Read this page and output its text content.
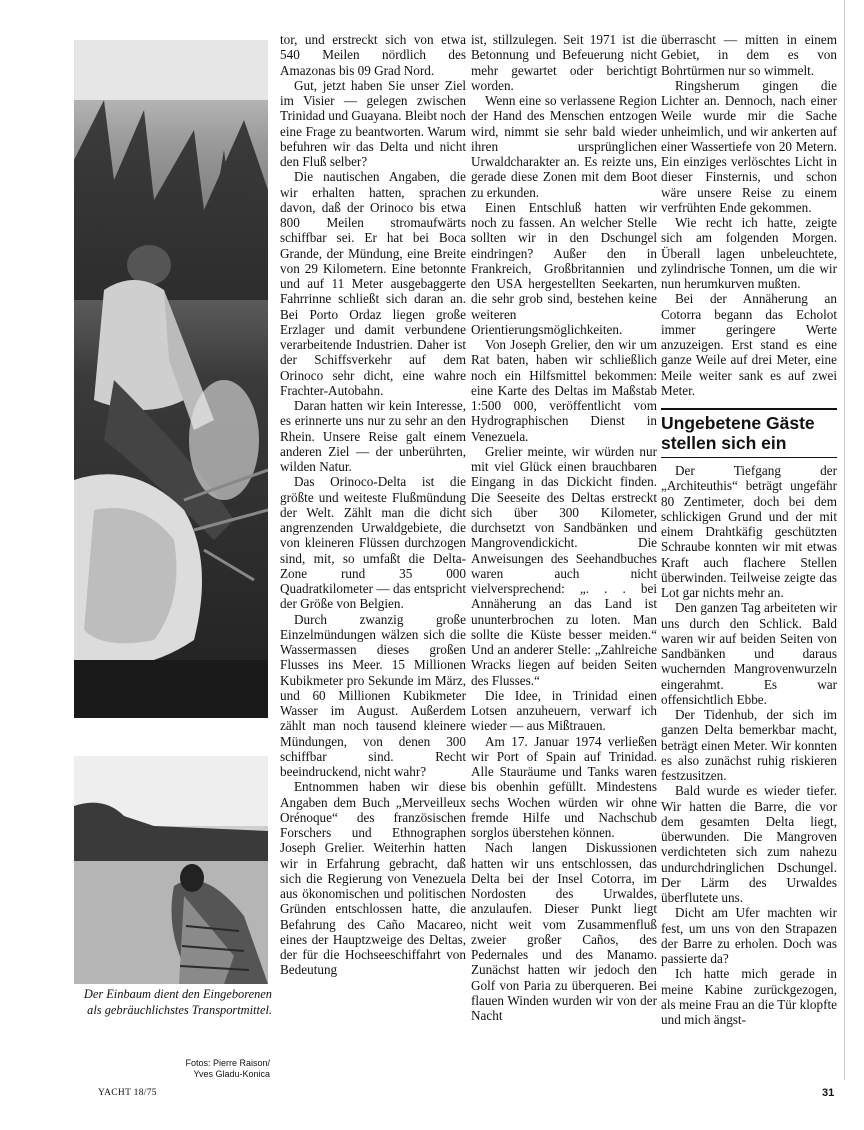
Der Einbaum dient den Eingeborenen als gebräuchlichstes Transportmittel.
Fotos: Pierre Raison/
Yves Gladu-Konica

tor, und erstreckt sich von etwa 540 Meilen nördlich des Amazonas bis 09 Grad Nord.

Gut, jetzt haben Sie unser Ziel im Visier — gelegen zwischen Trinidad und Guayana. Bleibt noch eine Frage zu beantworten. Warum befuhren wir das Delta und nicht den Fluß selber?

Die nautischen Angaben, die wir erhalten hatten, sprachen davon, daß der Orinoco bis etwa 800 Meilen stromaufwärts schiffbar sei. Er hat bei Boca Grande, der Mündung, eine Breite von 29 Kilometern. Eine betonnte und auf 11 Meter ausgebaggerte Fahrrinne schließt sich daran an. Bei Porto Ordaz liegen große Erzlager und damit verbundene verarbeitende Industrien. Daher ist der Schiffsverkehr auf dem Orinoco sehr dicht, eine wahre Frachter-Autobahn.

Daran hatten wir kein Interesse, es erinnerte uns nur zu sehr an den Rhein. Unsere Reise galt einem anderen Ziel — der unberührten, wilden Natur.

Das Orinoco-Delta ist die größte und weiteste Flußmündung der Welt. Zählt man die dicht angrenzenden Urwaldgebiete, die von kleineren Flüssen durchzogen sind, mit, so umfaßt die Delta-Zone rund 35 000 Quadratkilometer — das entspricht der Größe von Belgien.

Durch zwanzig große Einzelmündungen wälzen sich die Wassermassen dieses großen Flusses ins Meer. 15 Millionen Kubikmeter pro Sekunde im März, und 60 Millionen Kubikmeter Wasser im August. Außerdem zählt man noch tausend kleinere Mündungen, von denen 300 schiffbar sind. Recht beeindruckend, nicht wahr?

Entnommen haben wir diese Angaben dem Buch „Merveilleux Orénoque“ des französischen Forschers und Ethnographen Joseph Grelier. Weiterhin hatten wir in Erfahrung gebracht, daß sich die Regierung von Venezuela aus ökonomischen und politischen Gründen entschlossen hatte, die Befahrung des Caño Macareo, eines der Hauptzweige des Deltas, der für die Hochseeschiffahrt von Bedeutung

ist, stillzulegen. Seit 1971 ist die Betonnung und Befeuerung nicht mehr gewartet oder berichtigt worden.

Wenn eine so verlassene Region der Hand des Menschen entzogen wird, nimmt sie sehr bald wieder ihren ursprünglichen Urwaldcharakter an. Es reizte uns, gerade diese Zonen mit dem Boot zu erkunden.

Einen Entschluß hatten wir noch zu fassen. An welcher Stelle sollten wir in den Dschungel eindringen? Außer den in Frankreich, Großbritannien und den USA hergestellten Seekarten, die sehr grob sind, bestehen keine weiteren Orientierungsmöglichkeiten.

Von Joseph Grelier, den wir um Rat baten, haben wir schließlich noch ein Hilfsmittel bekommen: eine Karte des Deltas im Maßstab 1:500 000, veröffentlicht vom Hydrographischen Dienst in Venezuela.

Grelier meinte, wir würden nur mit viel Glück einen brauchbaren Eingang in das Dickicht finden. Die Seeseite des Deltas erstreckt sich über 300 Kilometer, durchsetzt von Sandbänken und Mangrovendickicht. Die Anweisungen des Seehandbuches waren auch nicht vielversprechend: „. . . bei Annäherung an das Land ist ununterbrochen zu loten. Man sollte die Küste besser meiden.“ Und an anderer Stelle: „Zahlreiche Wracks liegen auf beiden Seiten des Flusses.“

Die Idee, in Trinidad einen Lotsen anzuheuern, verwarf ich wieder — aus Mißtrauen.

Am 17. Januar 1974 verließen wir Port of Spain auf Trinidad. Alle Stauräume und Tanks waren bis obenhin gefüllt. Mindestens sechs Wochen würden wir ohne fremde Hilfe und Nachschub sorglos überstehen können.

Nach langen Diskussionen hatten wir uns entschlossen, das Delta bei der Insel Cotorra, im Nordosten des Urwaldes, anzulaufen. Dieser Punkt liegt nicht weit vom Zusammenfluß zweier großer Caños, des Pedernales und des Manamo. Zunächst hatten wir jedoch den Golf von Paria zu überqueren. Bei flauen Winden wurden wir von der Nacht

überrascht — mitten in einem Gebiet, in dem es von Bohrtürmen nur so wimmelt.

Ringsherum gingen die Lichter an. Dennoch, nach einer Weile wurde mir die Sache unheimlich, und wir ankerten auf einer Wassertiefe von 20 Metern. Ein einziges verlöschtes Licht in dieser Finsternis, und schon wäre unsere Reise zu einem verfrühten Ende gekommen.

Wie recht ich hatte, zeigte sich am folgenden Morgen. Überall lagen unbeleuchtete, zylindrische Tonnen, um die wir nun herumkurven mußten.

Bei der Annäherung an Cotorra begann das Echolot immer geringere Werte anzuzeigen. Erst stand es eine ganze Weile auf drei Meter, eine Meile weiter sank es auf zwei Meter.

Ungebetene Gäste stellen sich ein

Der Tiefgang der „Architeuthis“ beträgt ungefähr 80 Zentimeter, doch bei dem schlickigen Grund und der mit einem Drahtkäfig geschützten Schraube konnten wir mit etwas Kraft auch flachere Stellen überwinden. Teilweise zeigte das Lot gar nichts mehr an.

Den ganzen Tag arbeiteten wir uns durch den Schlick. Bald waren wir auf beiden Seiten von Sandbänken und daraus wuchernden Mangrovenwurzeln eingerahmt. Es war offensichtlich Ebbe.

Der Tidenhub, der sich im ganzen Delta bemerkbar macht, beträgt einen Meter. Wir konnten es also zunächst ruhig riskieren festzusitzen.

Bald wurde es wieder tiefer. Wir hatten die Barre, die vor dem gesamten Delta liegt, überwunden. Die Mangroven verdichteten sich zum nahezu undurchdringlichen Dschungel. Der Lärm des Urwaldes überflutete uns.

Dicht am Ufer machten wir fest, um uns von den Strapazen der Barre zu erholen. Doch was passierte da?

Ich hatte mich gerade in meine Kabine zurückgezogen, als meine Frau an die Tür klopfte und mich ängst-

YACHT 18/75	31
